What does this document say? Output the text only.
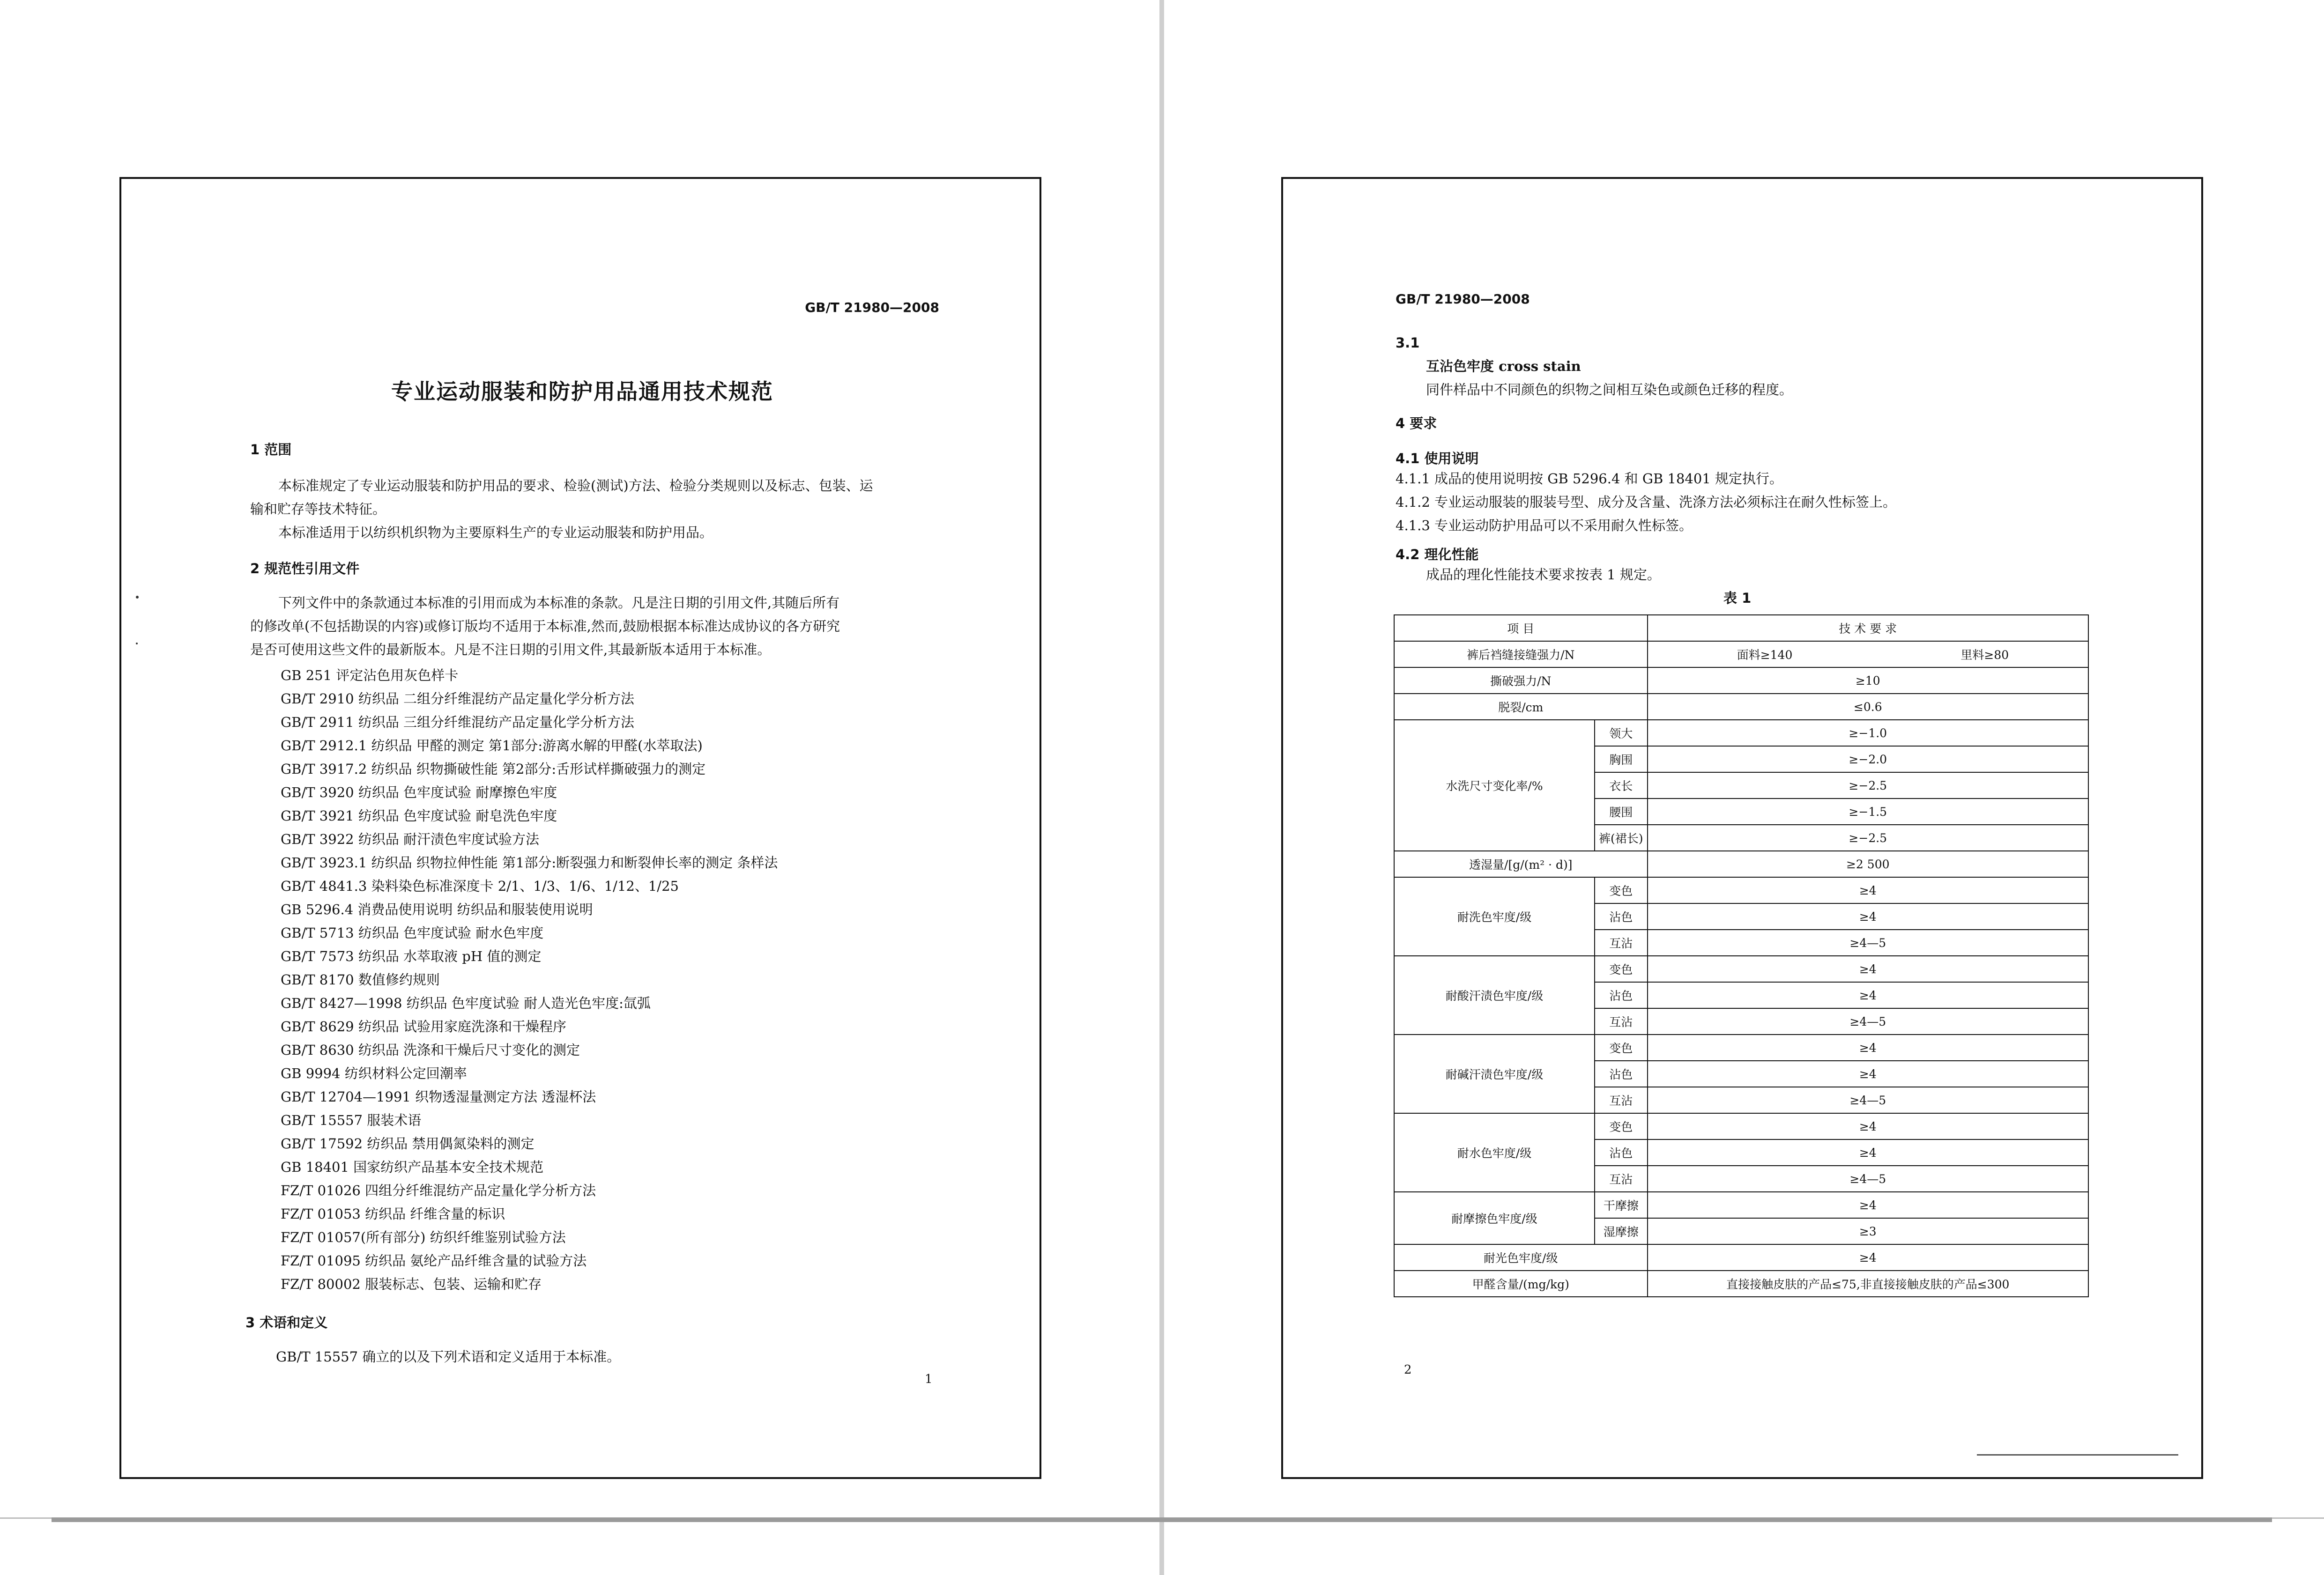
GB/T 21980—2008
专业运动服装和防护用品通用技术规范
1 范围
本标准规定了专业运动服装和防护用品的要求、检验(测试)方法、检验分类规则以及标志、包装、运
输和贮存等技术特征。
本标准适用于以纺织机织物为主要原料生产的专业运动服装和防护用品。
2 规范性引用文件
下列文件中的条款通过本标准的引用而成为本标准的条款。凡是注日期的引用文件,其随后所有
的修改单(不包括勘误的内容)或修订版均不适用于本标准,然而,鼓励根据本标准达成协议的各方研究
是否可使用这些文件的最新版本。凡是不注日期的引用文件,其最新版本适用于本标准。
GB 251 评定沾色用灰色样卡
GB/T 2910 纺织品 二组分纤维混纺产品定量化学分析方法
GB/T 2911 纺织品 三组分纤维混纺产品定量化学分析方法
GB/T 2912.1 纺织品 甲醛的测定 第1部分:游离水解的甲醛(水萃取法)
GB/T 3917.2 纺织品 织物撕破性能 第2部分:舌形试样撕破强力的测定
GB/T 3920 纺织品 色牢度试验 耐摩擦色牢度
GB/T 3921 纺织品 色牢度试验 耐皂洗色牢度
GB/T 3922 纺织品 耐汗渍色牢度试验方法
GB/T 3923.1 纺织品 织物拉伸性能 第1部分:断裂强力和断裂伸长率的测定 条样法
GB/T 4841.3 染料染色标准深度卡 2/1、1/3、1/6、1/12、1/25
GB 5296.4 消费品使用说明 纺织品和服装使用说明
GB/T 5713 纺织品 色牢度试验 耐水色牢度
GB/T 7573 纺织品 水萃取液 pH 值的测定
GB/T 8170 数值修约规则
GB/T 8427—1998 纺织品 色牢度试验 耐人造光色牢度:氙弧
GB/T 8629 纺织品 试验用家庭洗涤和干燥程序
GB/T 8630 纺织品 洗涤和干燥后尺寸变化的测定
GB 9994 纺织材料公定回潮率
GB/T 12704—1991 织物透湿量测定方法 透湿杯法
GB/T 15557 服装术语
GB/T 17592 纺织品 禁用偶氮染料的测定
GB 18401 国家纺织产品基本安全技术规范
FZ/T 01026 四组分纤维混纺产品定量化学分析方法
FZ/T 01053 纺织品 纤维含量的标识
FZ/T 01057(所有部分) 纺织纤维鉴别试验方法
FZ/T 01095 纺织品 氨纶产品纤维含量的试验方法
FZ/T 80002 服装标志、包装、运输和贮存
3 术语和定义
GB/T 15557 确立的以及下列术语和定义适用于本标准。
1
GB/T 21980—2008
3.1
互沾色牢度 cross stain
同件样品中不同颜色的织物之间相互染色或颜色迁移的程度。
4 要求
4.1 使用说明
4.1.1 成品的使用说明按 GB 5296.4 和 GB 18401 规定执行。
4.1.2 专业运动服装的服装号型、成分及含量、洗涤方法必须标注在耐久性标签上。
4.1.3 专业运动防护用品可以不采用耐久性标签。
4.2 理化性能
成品的理化性能技术要求按表 1 规定。
表 1
项 目		技 术 要 求	
裤后裆缝接缝强力/N		面料≥140	里料≥80
撕破强力/N		≥10	
脱裂/cm		≤0.6	
水洗尺寸变化率/%	领大	≥−1.0	
	胸围	≥−2.0	
	衣长	≥−2.5	
	腰围	≥−1.5	
	裤(裙长)	≥−2.5	
透湿量/[g/(m² · d)]		≥2 500	
耐洗色牢度/级	变色	≥4	
	沾色	≥4	
	互沾	≥4—5	
耐酸汗渍色牢度/级	变色	≥4	
	沾色	≥4	
	互沾	≥4—5	
耐碱汗渍色牢度/级	变色	≥4	
	沾色	≥4	
	互沾	≥4—5	
耐水色牢度/级	变色	≥4	
	沾色	≥4	
	互沾	≥4—5	
耐摩擦色牢度/级	干摩擦	≥4	
	湿摩擦	≥3	
耐光色牢度/级		≥4	
甲醛含量/(mg/kg)		直接接触皮肤的产品≤75,非直接接触皮肤的产品≤300	
2
